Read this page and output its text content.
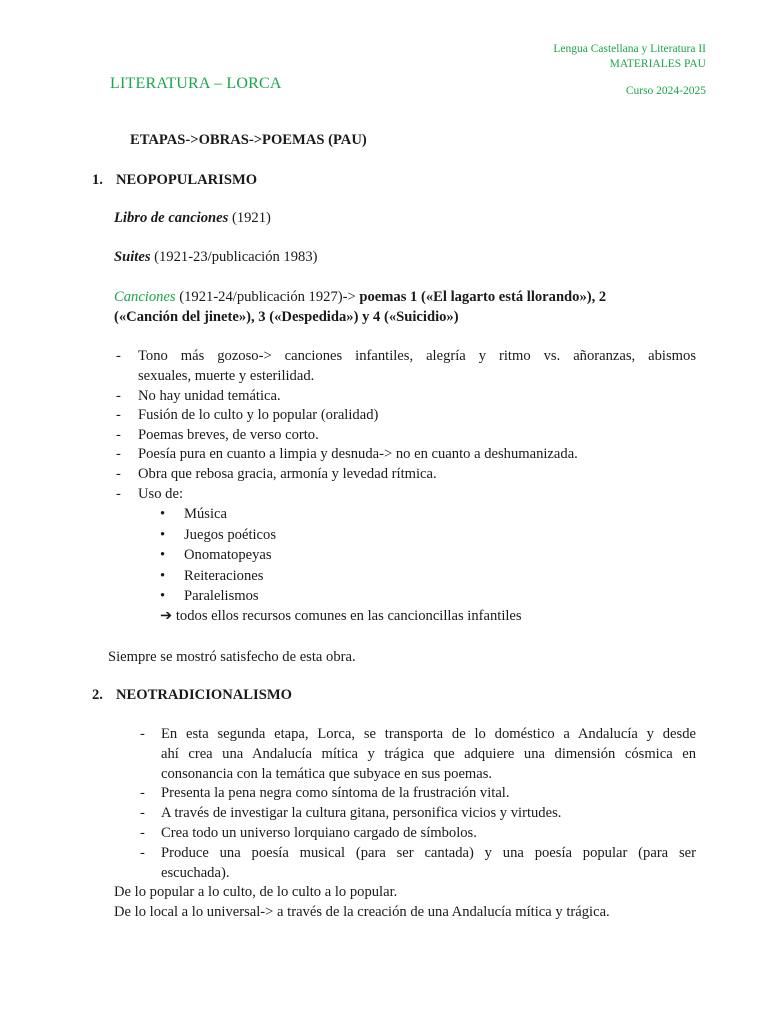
Lengua Castellana y Literatura II
MATERIALES PAU
Curso 2024-2025
LITERATURA – LORCA
ETAPAS->OBRAS->POEMAS (PAU)
1. NEOPOPULARISMO
Libro de canciones (1921)
Suites (1921-23/publicación 1983)
Canciones (1921-24/publicación 1927)-> poemas 1 («El lagarto está llorando»), 2
(«Canción del jinete»), 3 («Despedida») y 4 («Suicidio»)
- Tono más gozoso-> canciones infantiles, alegría y ritmo vs. añoranzas, abismos
sexuales, muerte y esterilidad.
- No hay unidad temática.
- Fusión de lo culto y lo popular (oralidad)
- Poemas breves, de verso corto.
- Poesía pura en cuanto a limpia y desnuda-> no en cuanto a deshumanizada.
- Obra que rebosa gracia, armonía y levedad rítmica.
- Uso de:
• Música
• Juegos poéticos
• Onomatopeyas
• Reiteraciones
• Paralelismos
➔ todos ellos recursos comunes en las cancioncillas infantiles
Siempre se mostró satisfecho de esta obra.
2. NEOTRADICIONALISMO
- En esta segunda etapa, Lorca, se transporta de lo doméstico a Andalucía y desde
ahí crea una Andalucía mítica y trágica que adquiere una dimensión cósmica en
consonancia con la temática que subyace en sus poemas.
- Presenta la pena negra como síntoma de la frustración vital.
- A través de investigar la cultura gitana, personifica vicios y virtudes.
- Crea todo un universo lorquiano cargado de símbolos.
- Produce una poesía musical (para ser cantada) y una poesía popular (para ser
escuchada).
De lo popular a lo culto, de lo culto a lo popular.
De lo local a lo universal-> a través de la creación de una Andalucía mítica y trágica.
